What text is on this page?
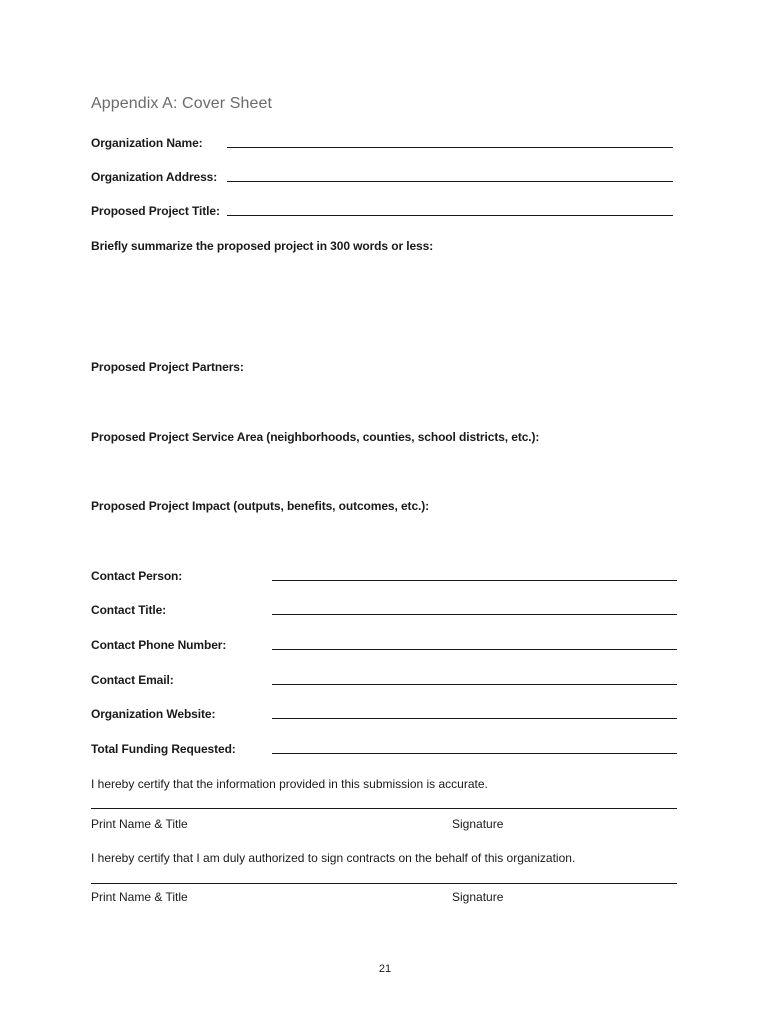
Appendix A: Cover Sheet
Organization Name:
Organization Address:
Proposed Project Title:
Briefly summarize the proposed project in 300 words or less:
Proposed Project Partners:
Proposed Project Service Area (neighborhoods, counties, school districts, etc.):
Proposed Project Impact (outputs, benefits, outcomes, etc.):
Contact Person:
Contact Title:
Contact Phone Number:
Contact Email:
Organization Website:
Total Funding Requested:
I hereby certify that the information provided in this submission is accurate.
Print Name & Title	Signature
I hereby certify that I am duly authorized to sign contracts on the behalf of this organization.
Print Name & Title	Signature
21
